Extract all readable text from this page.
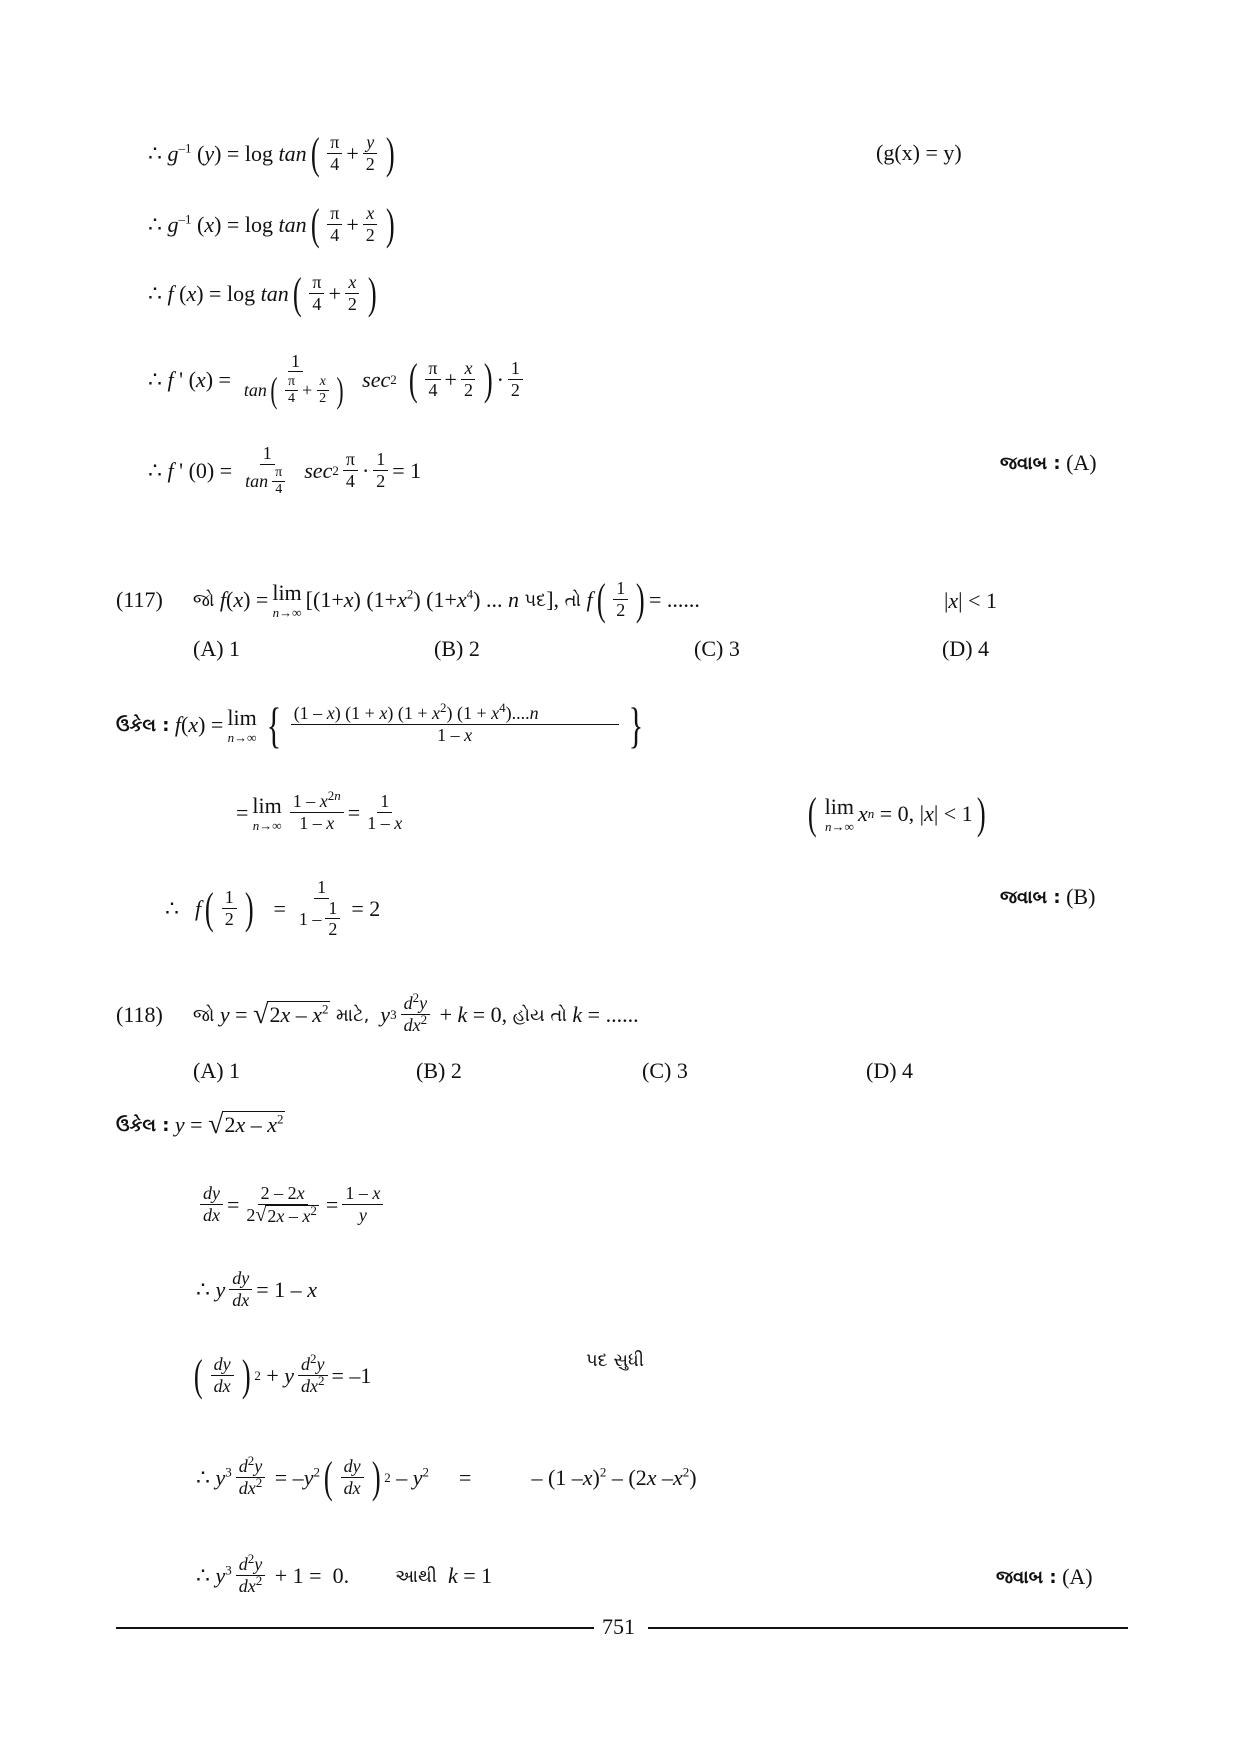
∴ $g^{-1}$ (y) = log tan ( $\frac{\pi}{4} + \frac{y}{2}$ )	(g(x) = y)
∴ $g^{-1}$ (x) = log tan ( $\frac{\pi}{4} + \frac{x}{2}$ )
∴ f (x) = log tan ( $\frac{\pi}{4} + \frac{x}{2}$ )
∴ f ' $(x) = \frac{1}{\tan ( \frac{\pi}{4} + \frac{x}{2} )}$ sec 2 ( $\frac{\pi}{4} + \frac{x}{2}$ ) · $\frac{1}{2}$
∴ f ' $(0) = \frac{1}{\tan \frac{\pi}{4}}$ $\sec 2 \frac{\pi}{4} \cdot \frac{1}{2} = 1$	જવાબ :
(A)
(117) જો
f(x) = lim
n→∞ [(1+x) $(1+x^2)$ $(1+x^4)$ ... n પદ ], તો
f ( $\frac{1}{2}$ ) = ......	|x| < 1
(A) 1	(B) 2	(C) 3	(D) 4
ઉકેલ :
f(x) = lim
n→∞ { $\frac{(1 - x) (1 + x) (1 + x^2) (1 + x^4)....n}{1 - x}$ }
= lim
$n\to\infty \frac{1 - x^{2n}}{1 - x} = \frac{1}{1 - x}$	( lim
n→∞ x n = 0, |x| < 1 )
∴ f ( $\frac{1}{2}$ ) = $\frac{1}{1 - \frac{1}{2}} = 2$	જવાબ :
(B)
(118) જો
y = √ $2x - x^2$
માટે,
y $3 \frac{d^2y}{dx^2} + k = 0$, હોય તો
k = ......
(A) 1	(B) 2	(C) 3	(D) 4
ઉકેલ :
y = √ $2x - x^2$
$\frac{dy}{dx} = \frac{2 - 2x}{2 √ 2x - x^2} = \frac{1 - x}{y}$
∴ y $\frac{dy}{dx} = 1 - x$
( $\frac{dy}{dx}$ ) 2 + y $\frac{d^2y}{dx^2} = -1$
પદ સુધી
∴ $y^3 \frac{d^2y}{dx^2} = -y^2$ ( $\frac{dy}{dx}$ ) $2 - y^2$ =	– (1 –x)$^2$ – (2x $-x^2$)
∴ $y^3 \frac{d^2y}{dx^2} + 1 = 0$.	આથી
k = 1	જવાબ :
(A)
751
